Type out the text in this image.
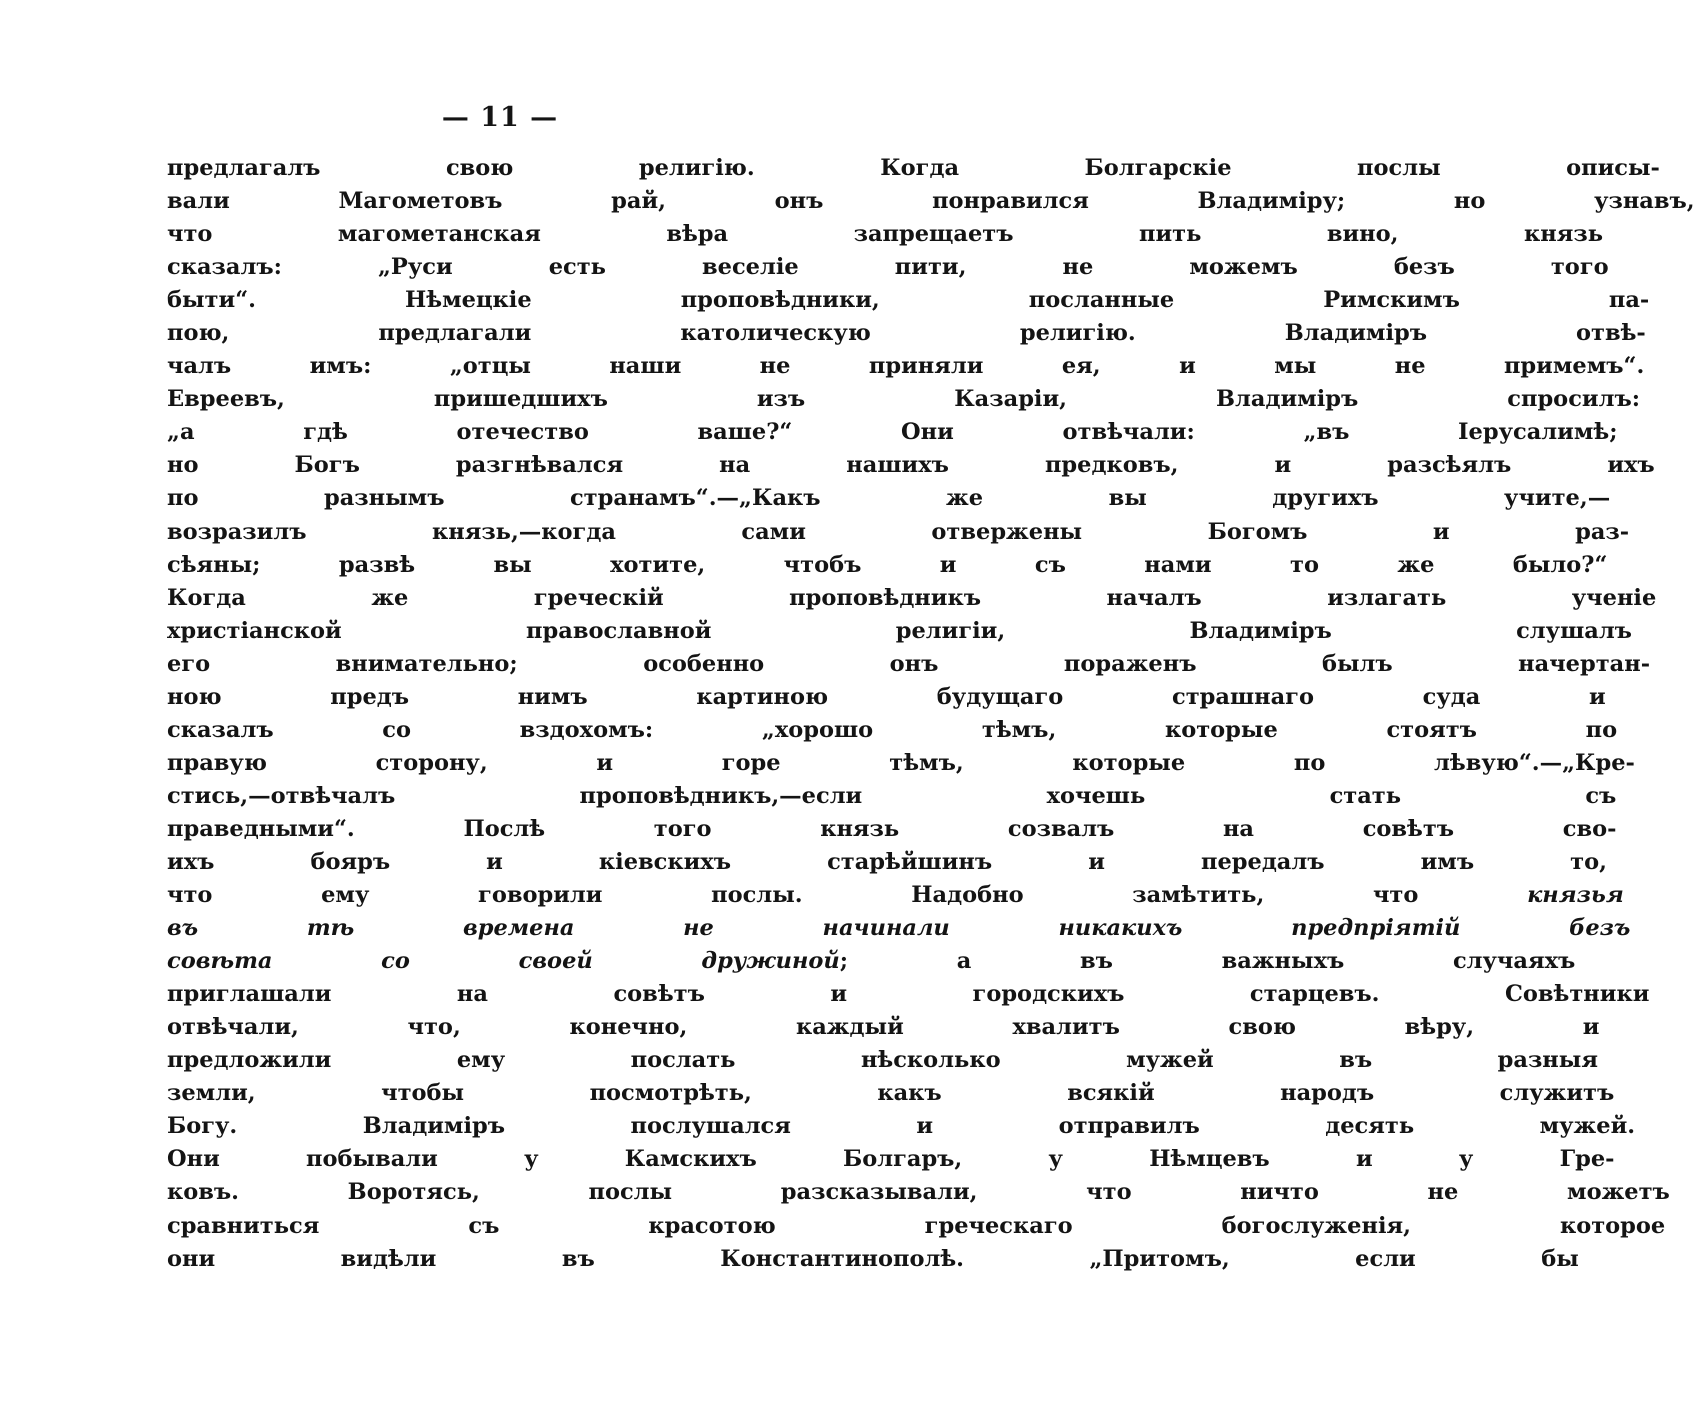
— 11 —
предлагалъ свою религію. Когда Болгарскіе послы описы-
вали Магометовъ рай, онъ понравился Владиміру; но узнавъ,
что магометанская вѣра запрещаетъ пить вино, князь
сказалъ: „Руси есть веселіе пити, не можемъ безъ того
быти“. Нѣмецкіе проповѣдники, посланные Римскимъ па-
пою, предлагали католическую религію. Владиміръ отвѣ-
чалъ имъ: „отцы наши не приняли ея, и мы не примемъ“.
Евреевъ, пришедшихъ изъ Казаріи, Владиміръ спросилъ:
„а гдѣ отечество ваше?“ Они отвѣчали: „въ Іерусалимѣ;
но Богъ разгнѣвался на нашихъ предковъ, и разсѣялъ ихъ
по разнымъ странамъ“.—„Какъ же вы другихъ учите,—
возразилъ князь,—когда сами отвержены Богомъ и раз-
сѣяны; развѣ вы хотите, чтобъ и съ нами то же было?“
Когда же греческій проповѣдникъ началъ излагать ученіе
христіанской православной религіи, Владиміръ слушалъ
его внимательно; особенно онъ пораженъ былъ начертан-
ною предъ нимъ картиною будущаго страшнаго суда и
сказалъ со вздохомъ: „хорошо тѣмъ, которые стоятъ по
правую сторону, и горе тѣмъ, которые по лѣвую“.—„Кре-
стись,—отвѣчалъ проповѣдникъ,—если хочешь стать съ
праведными“. Послѣ того князь созвалъ на совѣтъ сво-
ихъ бояръ и кіевскихъ старѣйшинъ и передалъ имъ то,
что ему говорили послы. Надобно замѣтить, что князья
въ тѣ времена не начинали никакихъ предпріятій безъ
совѣта со своей дружиной; а въ важныхъ случаяхъ
приглашали на совѣтъ и городскихъ старцевъ. Совѣтники
отвѣчали, что, конечно, каждый хвалитъ свою вѣру, и
предложили ему послать нѣсколько мужей въ разныя
земли, чтобы посмотрѣть, какъ всякій народъ служитъ
Богу. Владиміръ послушался и отправилъ десять мужей.
Они побывали у Камскихъ Болгаръ, у Нѣмцевъ и у Гре-
ковъ. Воротясь, послы разсказывали, что ничто не можетъ
сравниться съ красотою греческаго богослуженія, которое
они видѣли въ Константинополѣ. „Притомъ, если бы
